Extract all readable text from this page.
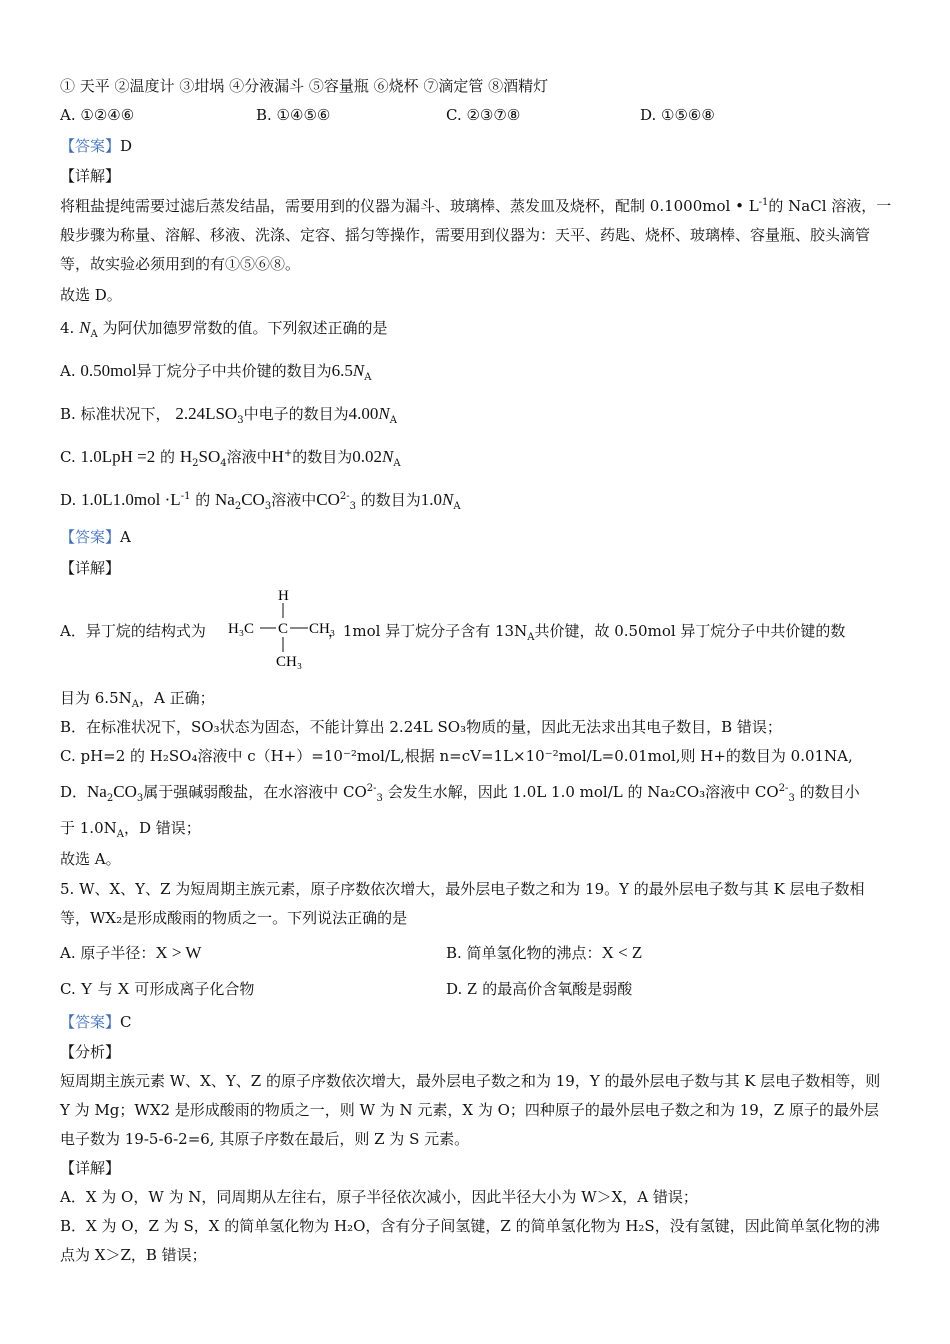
① 天平 ②温度计 ③坩埚 ④分液漏斗 ⑤容量瓶 ⑥烧杯 ⑦滴定管 ⑧酒精灯
A. ①②④⑥	B. ①④⑤⑥	C. ②③⑦⑧	D. ①⑤⑥⑧
【答案】D
【详解】
将粗盐提纯需要过滤后蒸发结晶，需要用到的仪器为漏斗、玻璃棒、蒸发皿及烧杯，配制 0.1000mol • $L^{-1}$的 NaCl 溶液，一般步骤为称量、溶解、移液、洗涤、定容、摇匀等操作，需要用到仪器为：天平、药匙、烧杯、玻璃棒、容量瓶、胶头滴管等，故实验必须用到的有①⑤⑥⑧。
故选 D。
4. $N_A$ 为阿伏加德罗常数的值。下列叙述正确的是
A. 0.50mol异丁烷分子中共价键的数目为$6.5N_A$
B. 标准状况下， $2.24LSO_3$中电子的数目为$4.00N_A$
C. 1.0LpH =2 的 $H_2SO_4$溶液中H+的数目为$0.02N_A$
D. $1.0L1.0mol \cdot L^{-1}$ 的 $Na_2CO_3$溶液中$CO^{2-}_3$ 的数目为$1.0N_A$
【答案】A
【详解】
H
H₃C C CH₃
CH₃
A．异丁烷的结构式为	，1mol 异丁烷分子含有 $13N_A$共价键，故 0.50mol 异丁烷分子中共价键的数
目为 $6.5N_A$，A 正确；
B．在标准状况下，SO₃状态为固态，不能计算出 2.24L SO₃物质的量，因此无法求出其电子数目，B 错误；
C. pH=2 的 H₂SO₄溶液中 c（H+）=10⁻²mol/L,根据 n=cV=1L×10⁻²mol/L=0.01mol,则 H+的数目为 0.01NA,
D．$Na_2CO_3$属于强碱弱酸盐，在水溶液中 $CO^{2-}_3$ 会发生水解，因此 1.0L 1.0 mol/L 的 Na₂CO₃溶液中 $CO^{2-}_3$ 的数目小
于 $1.0N_A$，D 错误；
故选 A。
5. W、X、Y、Z 为短周期主族元素，原子序数依次增大，最外层电子数之和为 19。Y 的最外层电子数与其 K 层电子数相等，WX₂是形成酸雨的物质之一。下列说法正确的是
A. 原子半径：X > W	B. 简单氢化物的沸点：X < Z
C. Y 与 X 可形成离子化合物	D. Z 的最高价含氧酸是弱酸
【答案】C
【分析】
短周期主族元素 W、X、Y、Z 的原子序数依次增大，最外层电子数之和为 19，Y 的最外层电子数与其 K 层电子数相等，则 Y 为 Mg；WX2 是形成酸雨的物质之一，则 W 为 N 元素，X 为 O；四种原子的最外层电子数之和为 19，Z 原子的最外层电子数为 19-5-6-2=6, 其原子序数在最后，则 Z 为 S 元素。
【详解】
A．X 为 O，W 为 N，同周期从左往右，原子半径依次减小，因此半径大小为 W＞X，A 错误；
B．X 为 O，Z 为 S，X 的简单氢化物为 H₂O，含有分子间氢键，Z 的简单氢化物为 H₂S，没有氢键，因此简单氢化物的沸点为 X＞Z，B 错误；
